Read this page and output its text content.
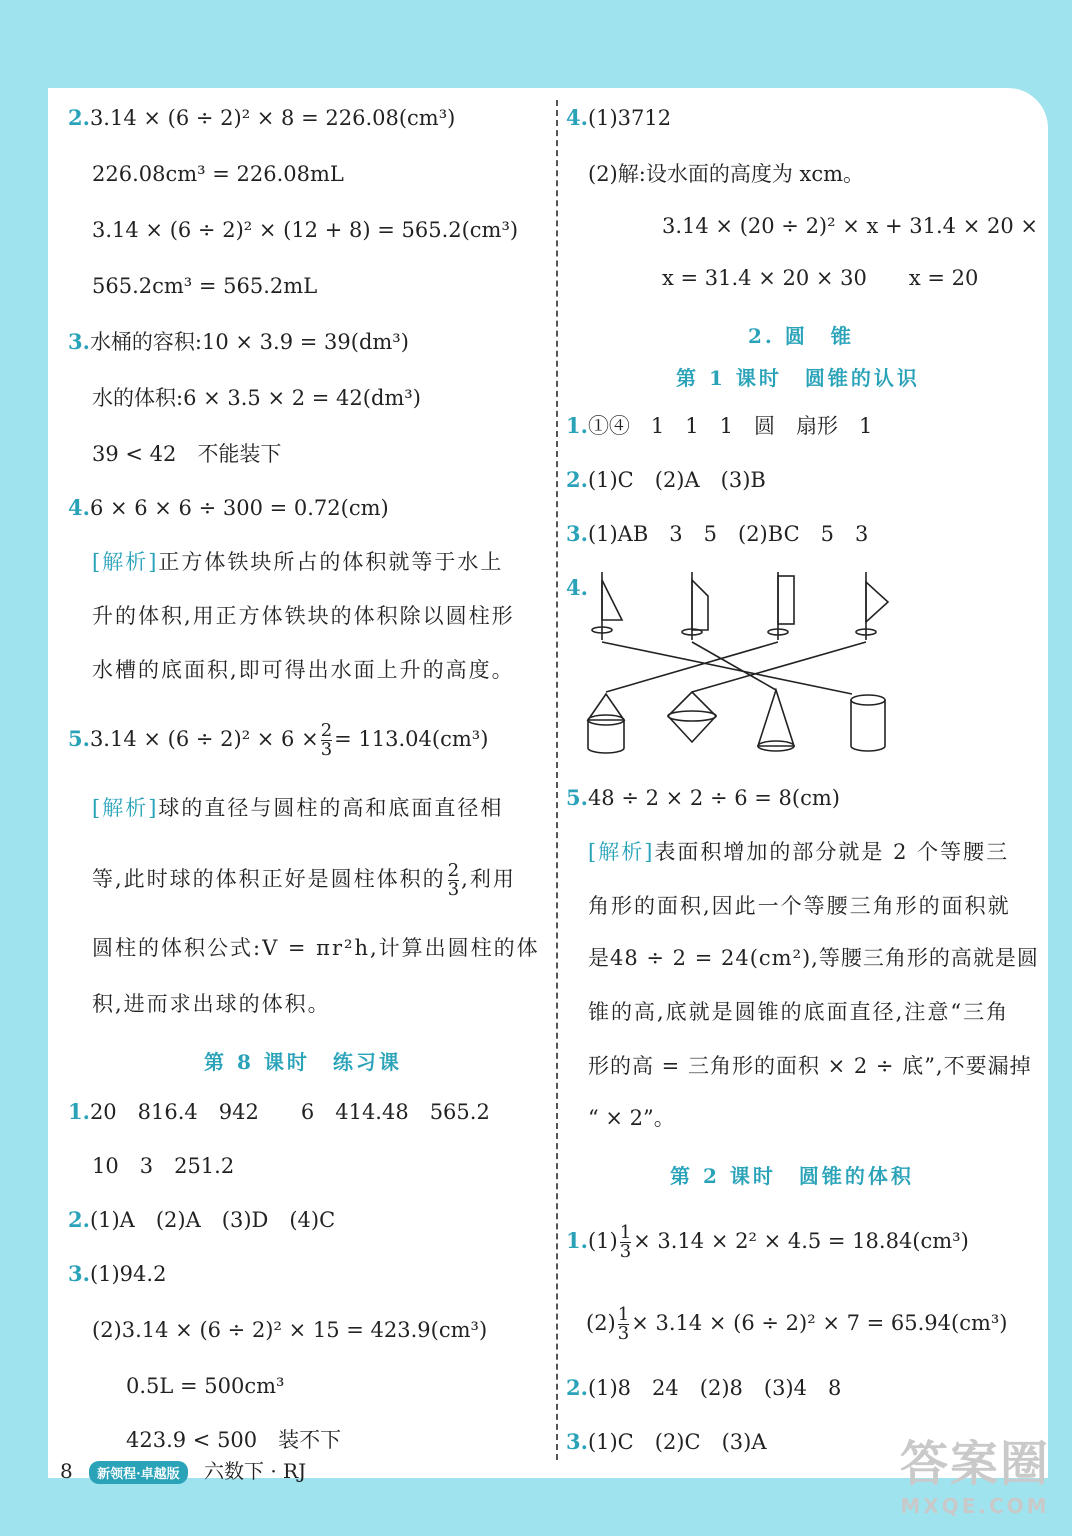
2.3.14 × (6 ÷ 2)² × 8 = 226.08(cm³)
226.08cm³ = 226.08mL
3.14 × (6 ÷ 2)² × (12 + 8) = 565.2(cm³)
565.2cm³ = 565.2mL
3.水桶的容积:10 × 3.9 = 39(dm³)
水的体积:6 × 3.5 × 2 = 42(dm³)
39 < 42　不能装下
4.6 × 6 × 6 ÷ 300 = 0.72(cm)
[解析]正方体铁块所占的体积就等于水上
升的体积,用正方体铁块的体积除以圆柱形
水槽的底面积,即可得出水面上升的高度。
$5.3.14 \times (6 \div 2)^2 \times 6 \times \frac{2}{3} = 113.04(cm^3)$
[解析]球的直径与圆柱的高和底面直径相
等,此时球的体积正好是圆柱体积的 $\frac{2}{3}$ ,利用
圆柱的体积公式:V = πr²h,计算出圆柱的体
积,进而求出球的体积。
第 8 课时　练习课
1.20　816.4　942　　6　414.48　565.2
10　3　251.2
2.(1)A　(2)A　(3)D　(4)C
3.(1)94.2
(2)3.14 × (6 ÷ 2)² × 15 = 423.9(cm³)
0.5L = 500cm³
423.9 < 500　装不下
4.(1)3712
(2)解:设水面的高度为 xcm。
3.14 × (20 ÷ 2)² × x + 31.4 × 20 ×
x = 31.4 × 20 × 30　　x = 20
2. 圆　锥
第 1 课时　圆锥的认识
1.①④　1　1　1　圆　扇形　1
2.(1)C　(2)A　(3)B
3.(1)AB　3　5　(2)BC　5　3
4.
5.48 ÷ 2 × 2 ÷ 6 = 8(cm)
[解析]表面积增加的部分就是 2 个等腰三
角形的面积,因此一个等腰三角形的面积就
是48 ÷ 2 = 24(cm²),等腰三角形的高就是圆
锥的高,底就是圆锥的底面直径,注意“三角
形的高 = 三角形的面积 × 2 ÷ 底”,不要漏掉
“ × 2”。
第 2 课时　圆锥的体积
$1.(1) \frac{1}{3} \times 3.14 \times 2^2 \times 4.5 = 18.84(cm^3)$
$(2) \frac{1}{3} \times 3.14 \times (6 \div 2)^2 \times 7 = 65.94(cm^3)$
2.(1)8　24　(2)8　(3)4　8
3.(1)C　(2)C　(3)A
8 新领程·卓越版 六数下 · RJ	答案圈
MXQE.COM
